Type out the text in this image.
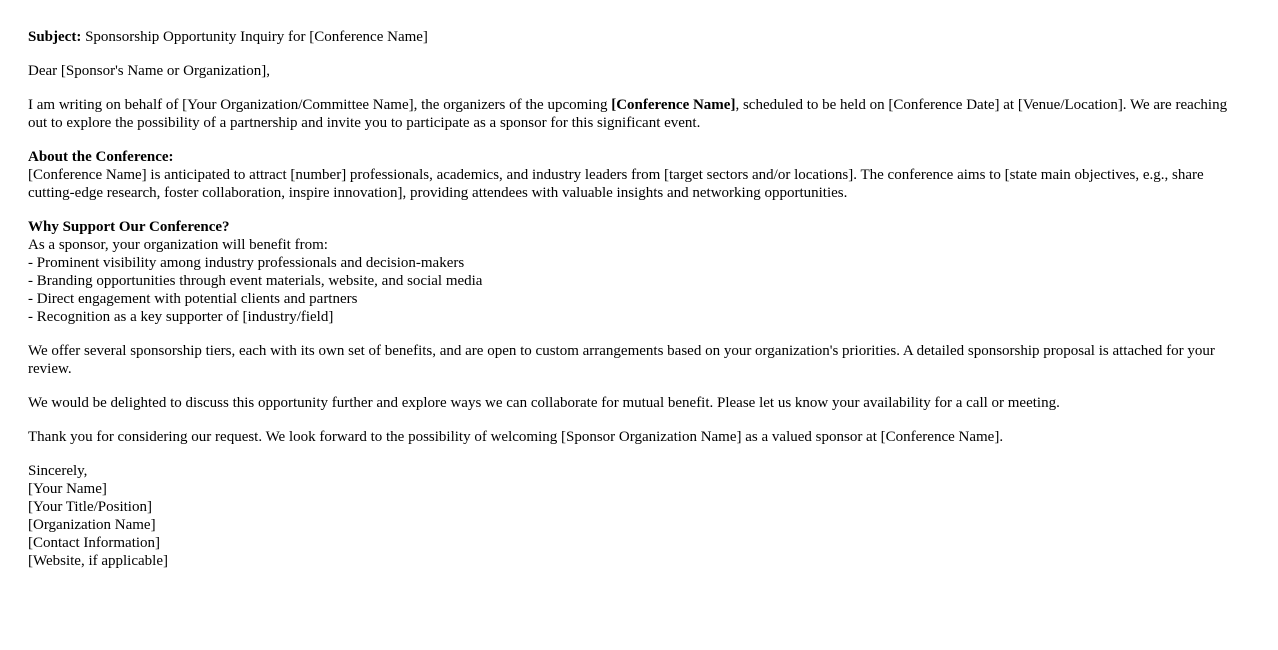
Subject: Sponsorship Opportunity Inquiry for [Conference Name]

Dear [Sponsor's Name or Organization],

I am writing on behalf of [Your Organization/Committee Name], the organizers of the upcoming [Conference Name], scheduled to be held on [Conference Date] at [Venue/Location]. We are reaching out to explore the possibility of a partnership and invite you to participate as a sponsor for this significant event.

About the Conference:
[Conference Name] is anticipated to attract [number] professionals, academics, and industry leaders from [target sectors and/or locations]. The conference aims to [state main objectives, e.g., share cutting-edge research, foster collaboration, inspire innovation], providing attendees with valuable insights and networking opportunities.

Why Support Our Conference?
As a sponsor, your organization will benefit from:
- Prominent visibility among industry professionals and decision-makers
- Branding opportunities through event materials, website, and social media
- Direct engagement with potential clients and partners
- Recognition as a key supporter of [industry/field]

We offer several sponsorship tiers, each with its own set of benefits, and are open to custom arrangements based on your organization's priorities. A detailed sponsorship proposal is attached for your review.

We would be delighted to discuss this opportunity further and explore ways we can collaborate for mutual benefit. Please let us know your availability for a call or meeting.

Thank you for considering our request. We look forward to the possibility of welcoming [Sponsor Organization Name] as a valued sponsor at [Conference Name].

Sincerely,
[Your Name]
[Your Title/Position]
[Organization Name]
[Contact Information]
[Website, if applicable]
